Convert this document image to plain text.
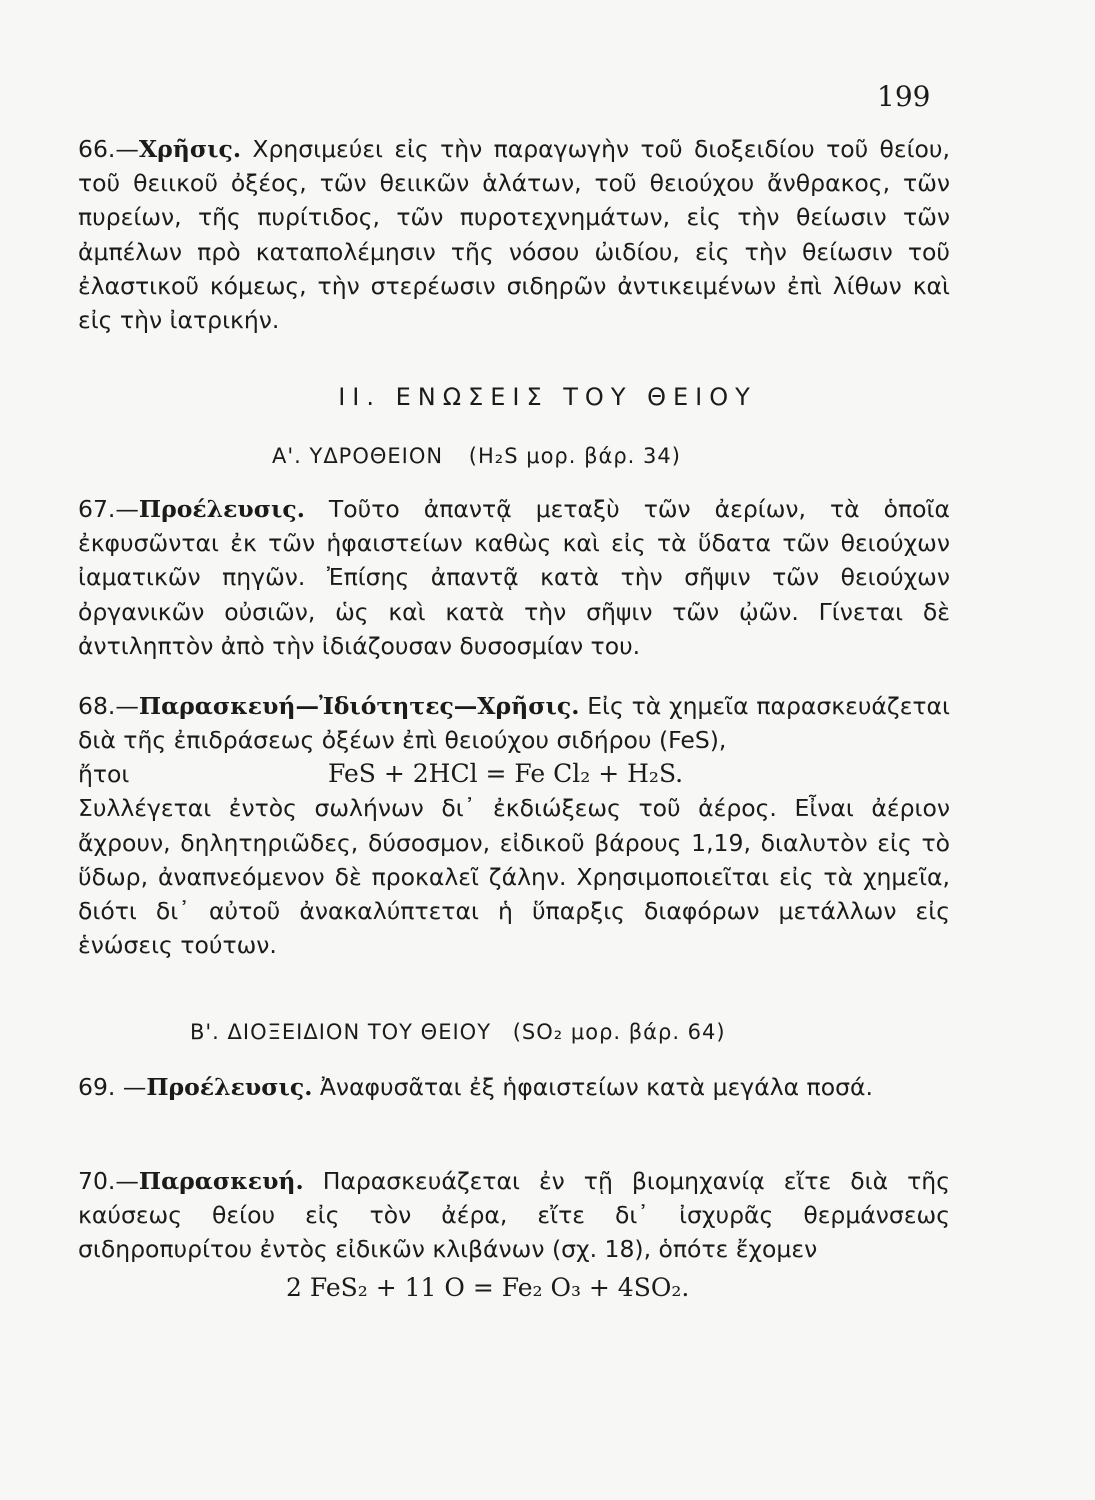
199

66.—Χρῆσις. Χρησιμεύει εἰς τὴν παραγωγὴν τοῦ διοξειδίου τοῦ θείου, τοῦ θειικοῦ ὀξέος, τῶν θειικῶν ἁλάτων, τοῦ θειούχου ἄνθρακος, τῶν πυρείων, τῆς πυρίτιδος, τῶν πυροτεχνημάτων, εἰς τὴν θείωσιν τῶν ἀμπέλων πρὸ καταπολέμησιν τῆς νόσου ὠιδίου, εἰς τὴν θείωσιν τοῦ ἐλαστικοῦ κόμεως, τὴν στερέωσιν σιδηρῶν ἀντικειμένων ἐπὶ λίθων καὶ εἰς τὴν ἰατρικήν.

ΙΙ. ΕΝΩΣΕΙΣ ΤΟΥ ΘΕΙΟΥ
Α'. ΥΔΡΟΘΕΙΟΝ (H₂S μορ. βάρ. 34)

67.—Προέλευσις. Τοῦτο ἀπαντᾷ μεταξὺ τῶν ἀερίων, τὰ ὁποῖα ἐκφυσῶνται ἐκ τῶν ἡφαιστείων καθὼς καὶ εἰς τὰ ὕδατα τῶν θειούχων ἰαματικῶν πηγῶν. Ἐπίσης ἀπαντᾷ κατὰ τὴν σῆψιν τῶν θειούχων ὀργανικῶν οὐσιῶν, ὡς καὶ κατὰ τὴν σῆψιν τῶν ᾠῶν. Γίνεται δὲ ἀντιληπτὸν ἀπὸ τὴν ἰδιάζουσαν δυσοσμίαν του.

68.—Παρασκευή—Ἰδιότητες—Χρῆσις. Εἰς τὰ χημεῖα παρασκευάζεται διὰ τῆς ἐπιδράσεως ὀξέων ἐπὶ θειούχου σιδήρου (FeS),

ἤτοι	FeS + 2HCl = Fe Cl₂ + H₂S.

Συλλέγεται ἐντὸς σωλήνων δι᾽ ἐκδιώξεως τοῦ ἀέρος. Εἶναι ἀέριον ἄχρουν, δηλητηριῶδες, δύσοσμον, εἰδικοῦ βάρους 1,19, διαλυτὸν εἰς τὸ ὕδωρ, ἀναπνεόμενον δὲ προκαλεῖ ζάλην. Χρησιμοποιεῖται εἰς τὰ χημεῖα, διότι δι᾽ αὐτοῦ ἀνακαλύπτεται ἡ ὕπαρξις διαφόρων μετάλλων εἰς ἑνώσεις τούτων.

Β'. ΔΙΟΞΕΙΔΙΟΝ ΤΟΥ ΘΕΙΟΥ (SO₂ μορ. βάρ. 64)

69. —Προέλευσις. Ἀναφυσᾶται ἐξ ἡφαιστείων κατὰ μεγάλα ποσά.

70.—Παρασκευή. Παρασκευάζεται ἐν τῇ βιομηχανίᾳ εἴτε διὰ τῆς καύσεως θείου εἰς τὸν ἀέρα, εἴτε δι᾽ ἰσχυρᾶς θερμάνσεως σιδηροπυρίτου ἐντὸς εἰδικῶν κλιβάνων (σχ. 18), ὁπότε ἔχομεν

2 FeS₂ + 11 O = Fe₂ O₃ + 4SO₂.
